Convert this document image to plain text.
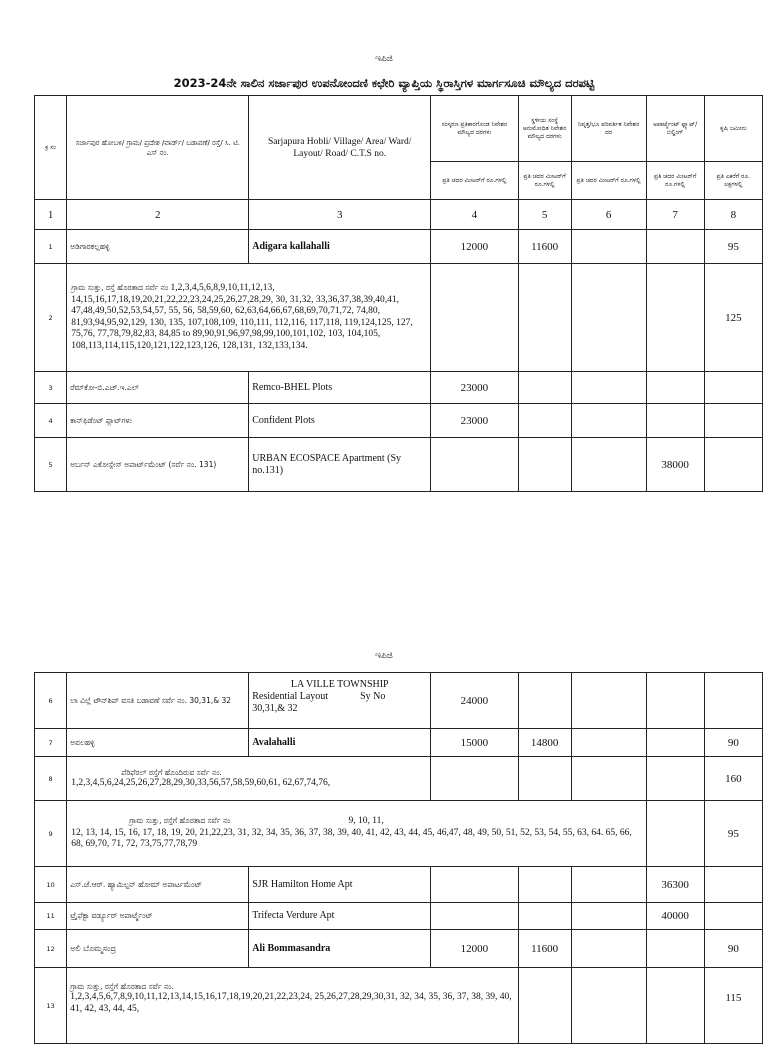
ಇಪಿಜಿ
2023-24ನೇ ಸಾಲಿನ ಸರ್ಜಾಪುರ ಉಪನೋಂದಣಿ ಕಛೇರಿ ವ್ಯಾಪ್ತಿಯ ಸ್ಥಿರಾಸ್ತಿಗಳ ಮಾರ್ಗಸೂಚಿ ಮೌಲ್ಯದ ದರಪಟ್ಟಿ
ಕ್ರ ಸಂ	ಸರ್ಜಾಪುರ ಹೋಬಳಿ/ ಗ್ರಾಮ/ ಪ್ರದೇಶ /ವಾರ್ಡ್/ ಬಡಾವಣೆ/ ರಸ್ತೆ/ ಸಿ. ಟಿ. ಎಸ್ ನಂ.	Sarjapura Hobli/ Village/ Area/ Ward/ Layout/ Road/ C.T.S no.	ಸಂಸ್ಕರಣ ಪ್ರತಿಕಾರಗೊಂಡ ನಿವೇಶನ ಮೌಲ್ಯದ ದರಗಳು	ಸ್ಥಳೀಯ ಸಂಸ್ಥೆ ಅನುಮೋದಿತ ನಿವೇಶನ ಮೌಲ್ಯದ ದರಗಳು	ನಿವೃತ್ತ/ಭೂ ಪರಿವರ್ತಿತ ನಿವೇಶನ ದರ	ಅಪಾರ್ಟ್ಮೆಂಟ್ ಫ್ಲ್ಯಾಟ್/ ಬಿಲ್ಡಿಂಗ್	ಕೃಷಿ ಜಮೀನು
			ಪ್ರತಿ ಚದರ ಮೀಟರ್‌ಗೆ ರೂ.ಗಳಲ್ಲಿ	ಪ್ರತಿ ಚದರ ಮೀಟರ್‌ಗೆ ರೂ.ಗಳಲ್ಲಿ	ಪ್ರತಿ ಚದರ ಮೀಟರ್‌ಗೆ ರೂ.ಗಳಲ್ಲಿ	ಪ್ರತಿ ಚದರ ಮೀಟರ್‌ಗೆ ರೂ.ಗಳಲ್ಲಿ	ಪ್ರತಿ ಎಕರೆಗೆ ರೂ. ಲಕ್ಷಗಳಲ್ಲಿ
1	2	3	4	5	6	7	8
1	ಅಡಿಗಾರಕಲ್ಲಹಳ್ಳಿ	Adigara kallahalli	12000	11600			95
2	ಗ್ರಾಮ ಸುತ್ತು, ರಸ್ತೆ ಹೊರತಾದ ಸರ್ವೆ ನಂ 1,2,3,4,5,6,8,9,10,11,12,13, 14,15,16,17,18,19,20,21,22,22,23,24,25,26,27,28,29, 30, 31,32, 33,36,37,38,39,40,41, 47,48,49,50,52,53,54,57, 55, 56, 58,59,60, 62,63,64,66,67,68,69,70,71,72, 74,80, 81,93,94,95,92,129, 130, 135, 107,108,109, 110,111, 112,116, 117,118, 119,124,125, 127, 75,76, 77,78,79,82,83, 84,85 to 89,90,91,96,97,98,99,100,101,102, 103, 104,105, 108,113,114,115,120,121,122,123,126, 128,131, 132,133,134.						125
3	ರೆಮ್‌ಕೋ-ಬಿ.ಎಚ್.ಇ.ಎಲ್	Remco-BHEL Plots	23000				
4	ಕಾನ್‌ಫಿಡೆಂಟ್ ಪ್ಲಾಟ್‌ಗಳು	Confident Plots	23000				
5	ಅರ್ಬನ್ ಎಕೋಸ್ಪೇಸ್ ಅಪಾರ್ಟ್‌ಮೆಂಟ್ (ಸರ್ವೆ ನಂ. 131)	URBAN ECOSPACE Apartment (Sy no.131)				38000	
ಇಪಿಜಿ
6	ಲಾ ವಿಲ್ಲೆ ಟೌನ್‌ಶಿಪ್ ವಸತಿ ಬಡಾವಣೆ ಸರ್ವೆ ನಂ. 30,31,& 32	LA VILLE TOWNSHIP
Residential Layout Sy No
30,31,& 32	24000				
7	ಅವಲಹಳ್ಳಿ	Avalahalli	15000	14800			90
8	ಪೆರಿಫೆರಲ್ ರಸ್ತೆಗೆ ಹೊಂದಿರುವ ಸರ್ವೆ ನಂ.
1,2,3,4,5,6,24,25,26,27,28,29,30,33,56,57,58,59,60,61, 62,67,74,76,						160
9	ಗ್ರಾಮ ಸುತ್ತು, ರಸ್ತೆಗೆ ಹೊರತಾದ ಸರ್ವೆ ನಂ 9, 10, 11,
12, 13, 14, 15, 16, 17, 18, 19, 20, 21,22,23, 31, 32, 34, 35, 36, 37, 38, 39, 40, 41, 42, 43, 44, 45, 46,47, 48, 49, 50, 51, 52, 53, 54, 55, 63, 64. 65, 66, 68, 69,70, 71, 72, 73,75,77,78,79						95
10	ಎಸ್.ಜೆ.ಆರ್. ಹ್ಯಾಮಿಲ್ಟನ್ ಹೋಮ್ ಅಪಾರ್ಟಮೆಂಟ್	SJR Hamilton Home Apt				36300	
11	ಟ್ರೈಫೆಕ್ಟಾ ವರ್ಡ್ಯೂರ್ ಅಪಾರ್ಟ್ಮೆಂಟ್	Trifecta Verdure Apt				40000	
12	ಅಲಿ ಬೊಮ್ಮಸಂದ್ರ	Ali Bommasandra	12000	11600			90
13	ಗ್ರಾಮ ಸುತ್ತು, ರಸ್ತೆಗೆ ಹೊರತಾದ ಸರ್ವೆ ನಂ.
1,2,3,4,5,6,7,8,9,10,11,12,13,14,15,16,17,18,19,20,21,22,23,24, 25,26,27,28,29,30,31, 32, 34, 35, 36, 37, 38, 39, 40, 41, 42, 43, 44, 45,						115
